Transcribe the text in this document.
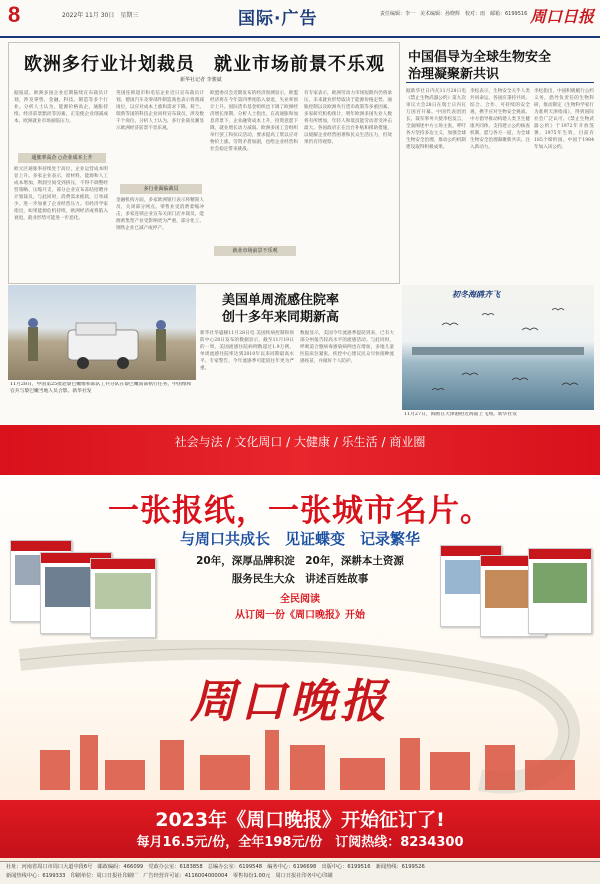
8	2022年 11月 30日　星期三	国际·广告	责任编辑：李一　美术编辑：孙晓辉　校对：雨　邮箱：6199516 周口日报
欧洲多行业计划裁员　就业市场前景不乐观
新华社记者 李骏斌
据报道，欧洲多国企业近期陆续宣布裁员计划，涉及零售、金融、科技、制造等多个行业。分析人士认为，能源价格高企、通胀持续、经济前景黯淡等因素，正迫使企业削减成本，欧洲就业市场面临压力。
通胀率高企 ○企业成本上升
欧元区通胀率持续处于高位，企业运营成本明显上升。多家企业表示，原材料、能源和人工成本增加，利润空间受到挤压，不得不调整经营策略、压缩开支，部分企业宣布冻结招聘并计划裁员。与此同时，消费需求疲软，订单减少，进一步加重了企业经营压力。有经济学家指出，如果能源危机持续，欧洲经济或将陷入衰退，就业形势可能进一步恶化。
英国连锁超市和电信企业近日宣布裁员计划。德国汽车及零部件制造商也表示将削减岗位，以应对成本上涨和需求下降。荷兰、瑞典等国的科技企业同样宣布裁员，涉及数千个岗位。分析人士认为，多行业裁员潮显示欧洲经济前景不容乐观。
多行业面临裁员
金融机构方面，多家欧洲银行表示将精简人员、关闭部分网点。零售业受消费萎缩冲击，多家连锁企业宣布关闭门店并裁员。能源密集型产业受影响更为严重，部分化工、钢铁企业已减产或停产。
欧盟委员会近期发布的经济预测显示，欧盟经济将在今年第四季度陷入衰退，失业率预计上升。国际货币基金组织也下调了欧洲经济增长预期。分析人士指出，在高通胀和加息背景下，企业融资成本上升，投资意愿下降，就业增长动力减弱。欧洲多国工会组织举行罢工和抗议活动，要求提高工资以应对物价上涨。劳资矛盾加剧，也给企业经营和社会稳定带来挑战。
就业市场前景不乐观
有专家表示，欧洲劳动力市场短期内仍将承压，未来就业形势取决于能源价格走势、通胀控制以及欧洲央行货币政策等多重因素。多家研究机构预计，明年欧洲多国失业人数将有所增加，年轻人和低技能劳动者受冲击最大。各国政府正在出台补贴和援助措施，以缓解企业经营困难和民众生活压力，但效果仍有待观察。
中国倡导为全球生物安全
治理凝聚新共识
据新华社日内瓦11月28日电《禁止生物武器公约》第九次审议大会28日在瑞士日内瓦万国宫开幕。中国代表团团长、裁军事务大使李松发言，全面阐述中方立场主张，呼吁各方坚持多边主义，加强全球生物安全治理，推动公约机制建设取得积极成果。
李松表示，生物安全关乎人类共同命运，各国应秉持共同、综合、合作、可持续的安全观，携手应对生物安全挑战。中方倡导推动构建人类卫生健康共同体，支持建立公约核查机制，愿与各方一道，为全球生物安全治理凝聚新共识、注入新动力。
李松指出，中国积极履行公约义务，倡导负责任的生物科研，推动制定《生物科学家行为准则天津指南》，得到国际社会广泛认可。《禁止生物武器公约》于1972年开放签署，1975年生效，目前有185个缔约国。中国于1984年加入该公约。
11月28日，中国第25批赴黎巴嫩维和部队工兵分队在黎巴嫩南部执行任务，中国维和官兵与黎巴嫩当地人员合影。新华社发
美国单周流感住院率
创十多年来同期新高
新华社华盛顿11月28日电 美国疾病控制和预防中心28日发布的数据显示，截至11月19日的一周，美国流感住院病例数超过1.9万例，单周流感住院率达到2010年以来同期最高水平。专家警告，今年流感季可能较往年更为严重。
数据显示，美国今年流感季提前到来，已有大部分州报告较高水平的流感活动。与此同时，呼吸道合胞病毒感染病例也在增加，多地儿童医院床位紧张。疾控中心建议民众尽快接种流感疫苗，并做好个人防护。
初冬海鸥齐飞
11月27日，海鸥在天津港附近海面上飞翔。新华社发
社会与法 / 文化周口 / 大健康 / 乐生活 / 商业圈
一张报纸，一张城市名片。
与周口共成长　见证蝶变　记录繁华
20年，深厚品牌积淀　20年，深耕本土资源
服务民生大众　讲述百姓故事
全民阅读
从订阅一份《周口晚报》开始
周口晚报
2023年《周口晚报》开始征订了!
每月16.5元/份，全年198元/份　订阅热线：8234300
社址：河南省周口市周口大道中段6号　邮政编码：466099　党政办公室：6183858　总编办公室：6199548　编务中心：6196698　出版中心：6199516　新闻热线：6199526
新闻热线中心：6199333　印刷单位：周口日报社印刷厂　广告经营许可证：4116004000004　零售每份1.00元　周口日报社印务中心印刷
